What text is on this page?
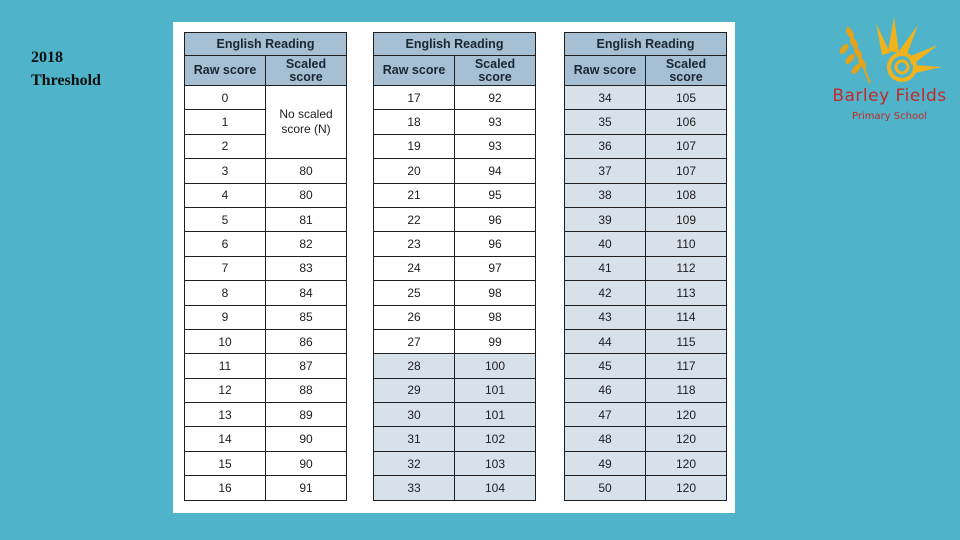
2018
Threshold
English Reading	
Raw score	Scaled
score
0	No scaled
score (N)
1	
2	
3	80
4	80
5	81
6	82
7	83
8	84
9	85
10	86
11	87
12	88
13	89
14	90
15	90
16	91
English Reading	
Raw score	Scaled
score
17	92
18	93
19	93
20	94
21	95
22	96
23	96
24	97
25	98
26	98
27	99
28	100
29	101
30	101
31	102
32	103
33	104
English Reading	
Raw score	Scaled
score
34	105
35	106
36	107
37	107
38	108
39	109
40	110
41	112
42	113
43	114
44	115
45	117
46	118
47	120
48	120
49	120
50	120
Barley Fields
Primary School
